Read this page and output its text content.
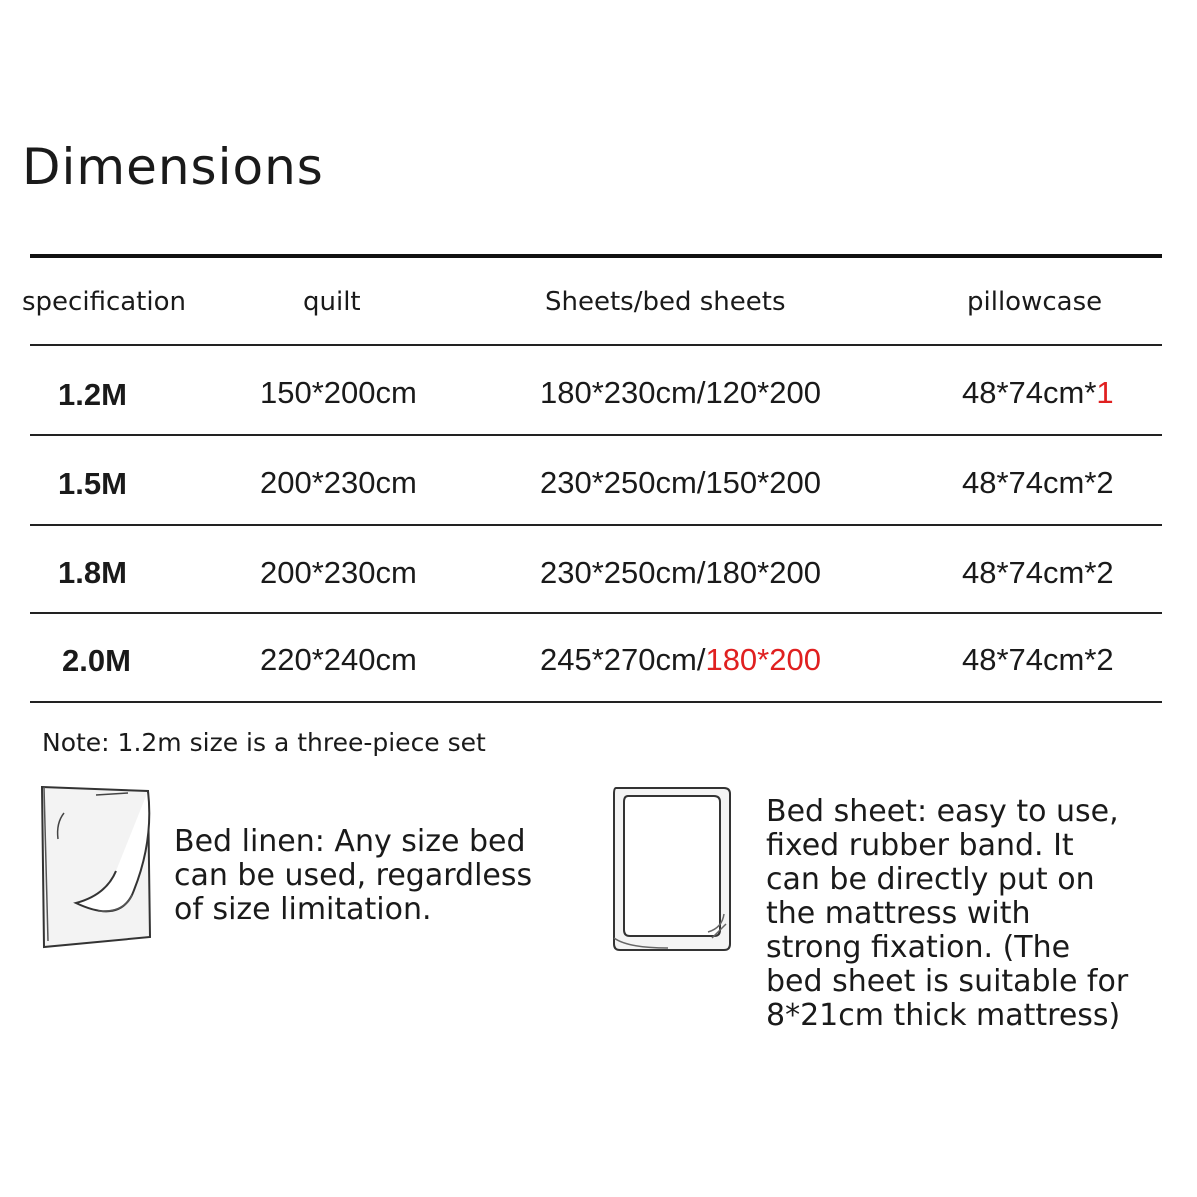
Dimensions
specification	quilt	Sheets/bed sheets	pillowcase
1.2M	150*200cm	180*230cm/120*200	48*74cm*1
1.5M	200*230cm	230*250cm/150*200	48*74cm*2
1.8M	200*230cm	230*250cm/180*200	48*74cm*2
2.0M	220*240cm	245*270cm/180*200	48*74cm*2
Note: 1.2m size is a three-piece set

Bed linen: Any size bed
can be used, regardless
of size limitation.

Bed sheet: easy to use,
fixed rubber band. It
can be directly put on
the mattress with
strong fixation. (The
bed sheet is suitable for
8*21cm thick mattress)
